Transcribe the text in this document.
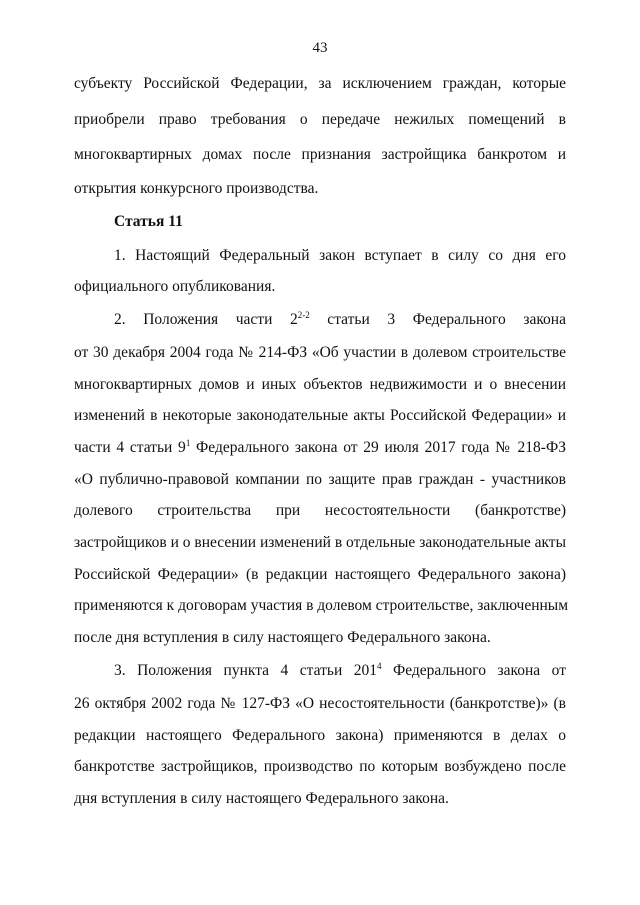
43
субъекту Российской Федерации, за исключением граждан, которые
приобрели право требования о передаче нежилых помещений в
многоквартирных домах после признания застройщика банкротом и
открытия конкурсного производства.
Статья 11
1. Настоящий Федеральный закон вступает в силу со дня его
официального опубликования.
2. Положения части 2$^{2-2}$ статьи 3 Федерального закона
от 30 декабря 2004 года № 214-ФЗ «Об участии в долевом строительстве
многоквартирных домов и иных объектов недвижимости и о внесении
изменений в некоторые законодательные акты Российской Федерации» и
части 4 статьи $9^1$ Федерального закона от 29 июля 2017 года № 218-ФЗ
«О публично-правовой компании по защите прав граждан - участников
долевого строительства при несостоятельности (банкротстве)
застройщиков и о внесении изменений в отдельные законодательные акты
Российской Федерации» (в редакции настоящего Федерального закона)
применяются к договорам участия в долевом строительстве, заключенным
после дня вступления в силу настоящего Федерального закона.
3. Положения пункта 4 статьи $201^4$ Федерального закона от
26 октября 2002 года № 127-ФЗ «О несостоятельности (банкротстве)» (в
редакции настоящего Федерального закона) применяются в делах о
банкротстве застройщиков, производство по которым возбуждено после
дня вступления в силу настоящего Федерального закона.
